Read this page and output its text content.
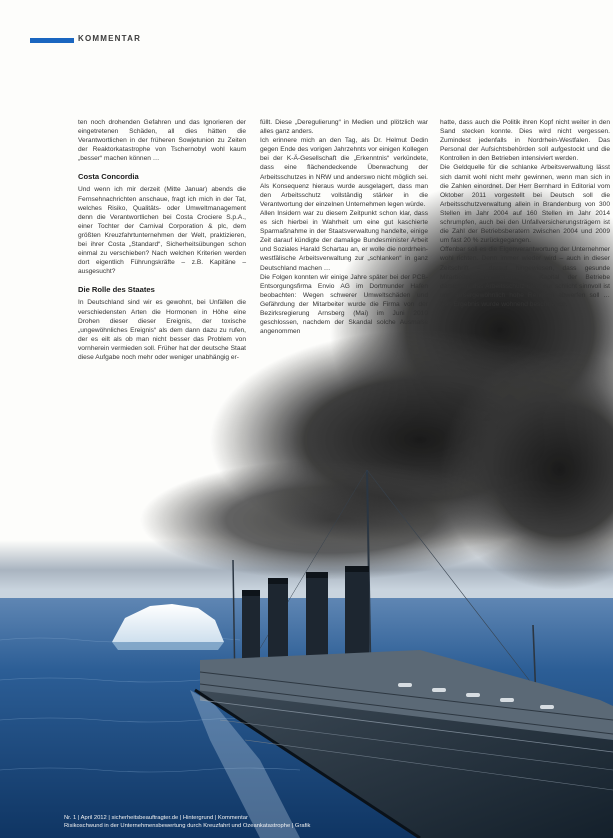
KOMMENTAR

ten noch drohenden Gefahren und das Ignorieren der eingetretenen Schäden, all dies hätten die Verantwortlichen in der früheren Sowjetunion zu Zeiten der Reaktorkatastrophe von Tschernobyl wohl kaum „besser“ machen können …

Costa Concordia

Und wenn ich mir derzeit (Mitte Januar) abends die Fernsehnachrichten anschaue, fragt ich mich in der Tat, welches Risiko, Qualitäts- oder Umweltmanagement denn die Verantwortlichen bei Costa Crociere S.p.A., einer Tochter der Carnival Corporation & plc, dem größten Kreuzfahrtunternehmen der Welt, praktizieren, bei ihrer Costa „Standard“, Sicherheitsübungen schon einmal zu verschieben? Nach welchen Kriterien werden dort eigentlich Führungskräfte – z.B. Kapitäne – ausgesucht?

Die Rolle des Staates

In Deutschland sind wir es gewohnt, bei Unfällen die verschiedensten Arten die Hormonen in Höhe eine Drohen dieser dieser Ereignis, der toxische „ungewöhnliches Ereignis“ als dem dann dazu zu rufen, der es eilt als ob man nicht besser das Problem von vornherein vermieden soll. Früher hat der deutsche Staat diese Aufgabe noch mehr oder weniger unabhängig er-

füllt. Diese „Deregulierung“ in Medien und plötzlich war alles ganz anders.

Ich erinnere mich an den Tag, als Dr. Helmut Dedin gegen Ende des vorigen Jahrzehnts vor einigen Kollegen bei der K-Ä-Gesellschaft die „Erkenntnis“ verkündete, dass eine flächendeckende Überwachung der Arbeitsschutzes in NRW und anderswo nicht möglich sei. Als Konsequenz hieraus wurde ausgelagert, dass man den Arbeitsschutz vollständig stärker in die Verantwortung der einzelnen Unternehmen legen würde.

Allen Insidern war zu diesem Zeitpunkt schon klar, dass es sich hierbei in Wahrheit um eine gut kaschierte Sparmaßnahme in der Staatsverwaltung handelte, einige Zeit darauf kündigte der damalige Bundesminister Arbeit und Soziales Harald Schartau an, er wolle die nordrhein-westfälische Arbeitsverwaltung zur „schlanken“ in ganz Deutschland machen …

Die Folgen konnten wir einige Jahre später bei der PCB-Entsorgungsfirma Envio AG im Dortmunder Hafen beobachten: Wegen schwerer Umweltschäden und Gefährdung der Mitarbeiter wurde die Firma von der Bezirksregierung Arnsberg (Mai) im Juni 2010 geschlossen, nachdem der Skandal solche Ausmaße angenommen

hatte, dass auch die Politik ihren Kopf nicht weiter in den Sand stecken konnte. Dies wird nicht vergessen. Zumindest jedenfalls in Nordrhein-Westfalen. Das Personal der Aufsichtsbehörden soll aufgestockt und die Kontrollen in den Betrieben intensiviert werden.

Die Geldquelle für die schlanke Arbeitsverwaltung lässt sich damit wohl nicht mehr gewinnen, wenn man sich in die Zahlen einordnet. Der Herr Bernhard in Editorial vom Oktober 2011 vorgestellt bei Deutsch soll die Arbeitsschutzverwaltung allein in Brandenburg von 300 Stellen im Jahr 2004 auf 160 Stellen im Jahr 2014 schrumpfen, auch bei den Unfallversicherungsträgern ist die Zahl der Betriebsberatern zwischen 2004 und 2009 um fast 20 % zurückgegangen.

Offenbar soll es die Eigenverantwortung der Unternehmer wohl richten. Denn immer wieder wird – auch in dieser Zeitschrift – darauf hingewiesen, dass gesunde Mitarbeiter, das wertvollste Kapital der Betriebe darstellen, das Arbeitsschutz nicht nur schlicht sinnvoll ist und außergewöhnlich hohe Renditen abwerfen soll … Das Ergebnis wurde wohnend beschrieben.

Nr. 1 | April 2012 | sicherheitsbeauftragter.de | Hintergrund | Kommentar
Risikoschwund in der Unternehmensbewertung durch Kreuzfahrt und Ozeankatastrophe | Grafik
